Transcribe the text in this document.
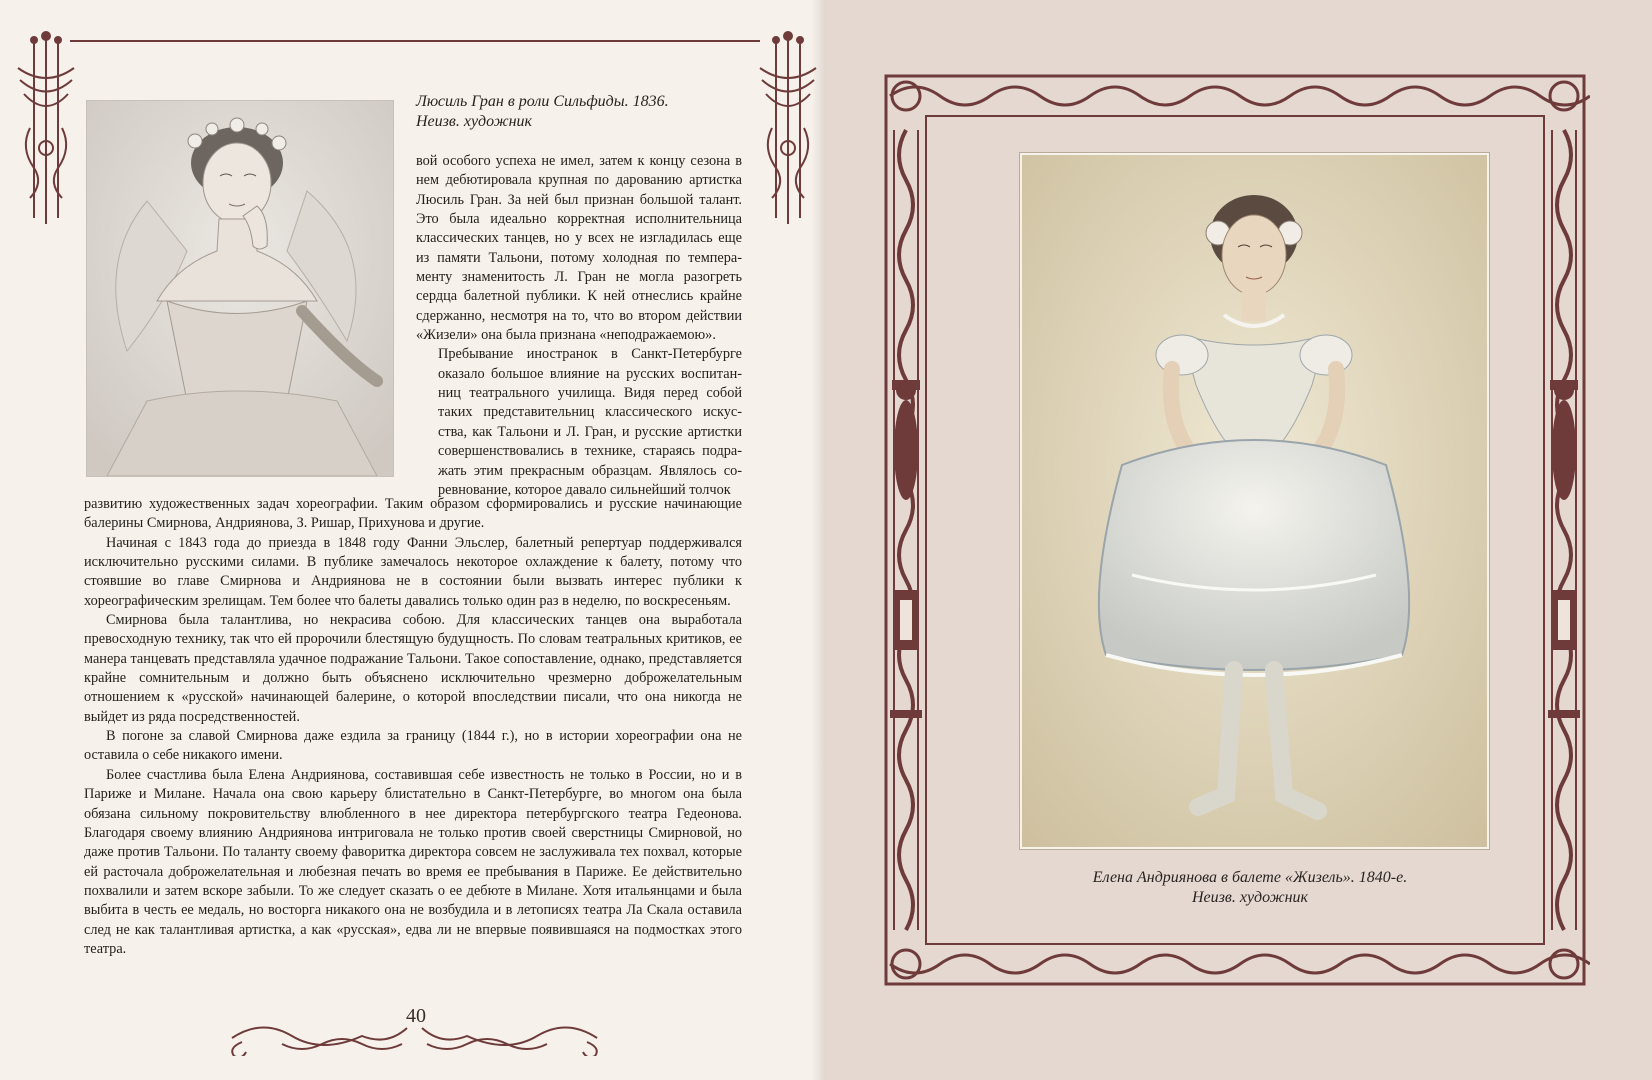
Люсиль Гран в роли Сильфиды. 1836.
Неизв. художник

вой особого успеха не имел, затем к концу сезона в
нем дебютировала крупная по дарованию артистка
Люсиль Гран. За ней был признан большой талант.
Это была идеально корректная исполнительница
классических танцев, но у всех не изгладилась еще
из памяти Тальони, потому холодная по темпера-
менту знаменитость Л. Гран не могла разогреть
сердца балетной публики. К ней отнеслись крайне
сдержанно, несмотря на то, что во втором действии
«Жизели» она была признана «неподражаемою».

Пребывание иностранок в Санкт-Петербурге
оказало большое влияние на русских воспитан-
ниц театрального училища. Видя перед собой
таких представительниц классического искус-
ства, как Тальони и Л. Гран, и русские артистки
совершенствовались в технике, стараясь подра-
жать этим прекрасным образцам. Являлось со-
ревнование, которое давало сильнейший толчок

развитию художественных задач хореографии. Таким образом сформировались и русские начинающие балерины Смирнова, Андриянова, З. Ришар, Прихунова и другие.

Начиная с 1843 года до приезда в 1848 году Фанни Эльслер, балетный репертуар поддерживался исключительно русскими силами. В публике замечалось некоторое охлаждение к балету, потому что стоявшие во главе Смирнова и Андриянова не в состоянии были вызвать интерес публики к хореографическим зрелищам. Тем более что балеты давались только один раз в неделю, по воскресеньям.

Смирнова была талантлива, но некрасива собою. Для классических танцев она выработала превосходную технику, так что ей пророчили блестящую будущность. По словам театральных критиков, ее манера танцевать представляла удачное подражание Тальони. Такое сопоставление, однако, представляется крайне сомнительным и должно быть объяснено исключительно чрезмерно доброжелательным отношением к «русской» начинающей балерине, о которой впоследствии писали, что она никогда не выйдет из ряда посредственностей.

В погоне за славой Смирнова даже ездила за границу (1844 г.), но в истории хореографии она не оставила о себе никакого имени.

Более счастлива была Елена Андриянова, составившая себе известность не только в России, но и в Париже и Милане. Начала она свою карьеру блистательно в Санкт-Петербурге, во многом она была обязана сильному покровительству влюбленного в нее директора петербургского театра Гедеонова. Благодаря своему влиянию Андриянова интриговала не только против своей сверстницы Смирновой, но даже против Тальони. По таланту своему фаворитка директора совсем не заслуживала тех похвал, которые ей расточала доброжелательная и любезная печать во время ее пребывания в Париже. Ее действительно похвалили и затем вскоре забыли. То же следует сказать о ее дебюте в Милане. Хотя итальянцами и была выбита в честь ее медаль, но восторга никакого она не возбудила и в летописях театра Ла Скала оставила след не как талантливая артистка, а как «русская», едва ли не впервые появившаяся на подмостках этого театра.

40
Елена Андриянова в балете «Жизель». 1840-е.
Неизв. художник
